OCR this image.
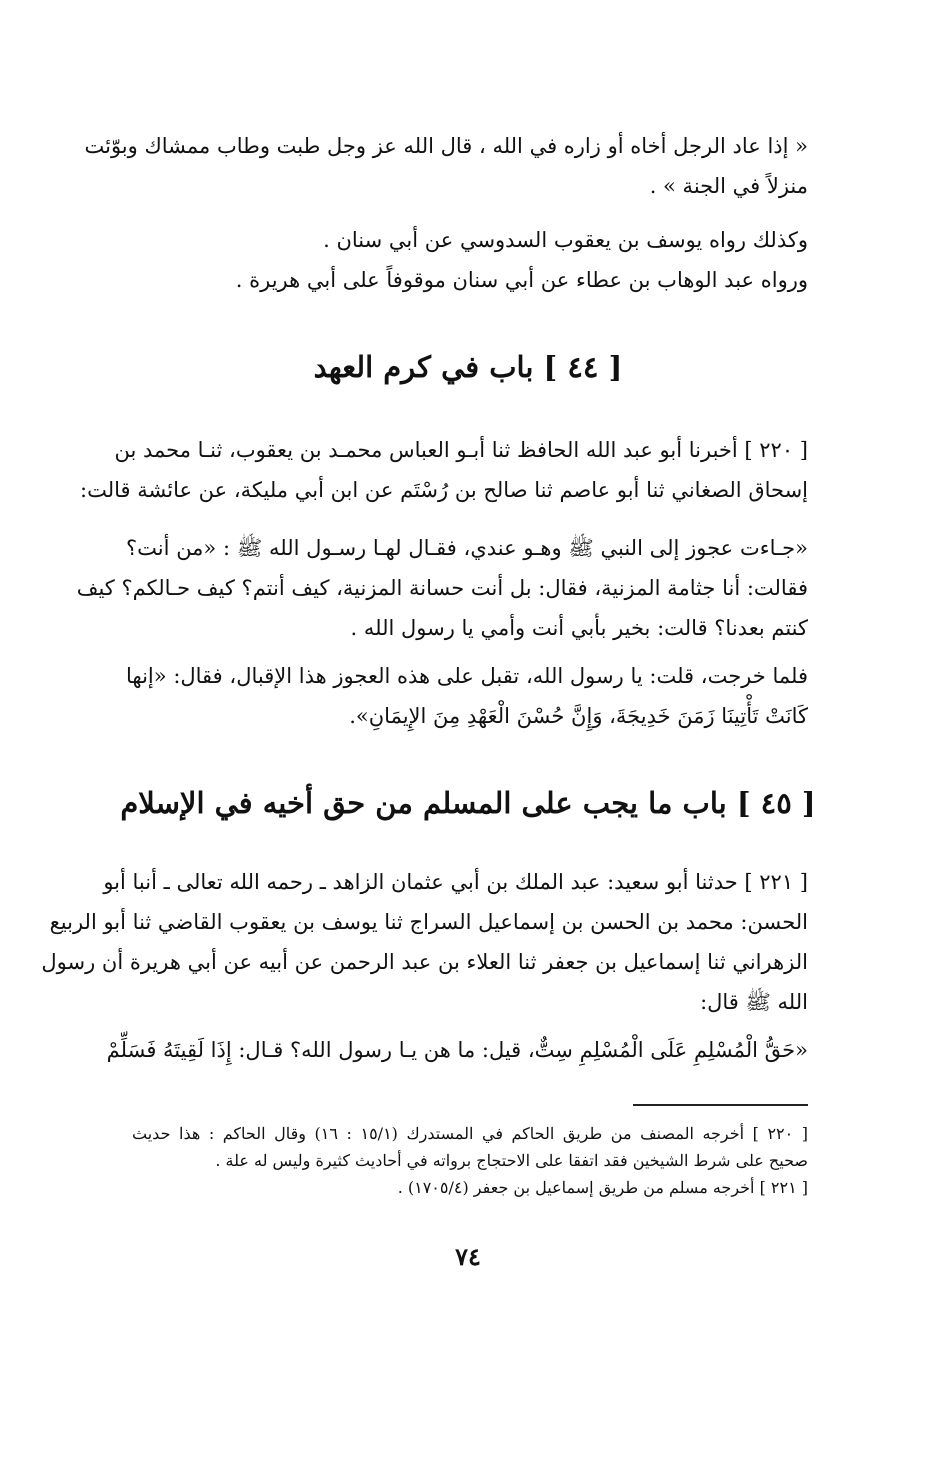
« إذا عاد الرجل أخاه أو زاره في الله ، قال الله عز وجل طبت وطاب ممشاك وبوّئت
منزلاً في الجنة » .
وكذلك رواه يوسف بن يعقوب السدوسي عن أبي سنان .
ورواه عبد الوهاب بن عطاء عن أبي سنان موقوفاً على أبي هريرة .
[ ٤٤ ] باب في كرم العهد
[ ٢٢٠ ] أخبرنا أبو عبد الله الحافظ ثنا أبـو العباس محمـد بن يعقوب، ثنـا محمد بن
إسحاق الصغاني ثنا أبو عاصم ثنا صالح بن رُسْتَم عن ابن أبي مليكة، عن عائشة قالت:
«جـاءت عجوز إلى النبي ﷺ وهـو عندي، فقـال لهـا رسـول الله ﷺ : «من أنت؟
فقالت: أنا جثامة المزنية، فقال: بل أنت حسانة المزنية، كيف أنتم؟ كيف حـالكم؟ كيف
كنتم بعدنا؟ قالت: بخير بأبي أنت وأمي يا رسول الله .
فلما خرجت، قلت: يا رسول الله، تقبل على هذه العجوز هذا الإقبال، فقال: «إنها
كَانَتْ تَأْتِينَا زَمَنَ خَدِيجَةَ، وَإِنَّ حُسْنَ الْعَهْدِ مِنَ الإِيمَانِ».
[ ٤٥ ] باب ما يجب على المسلم من حق أخيه في الإسلام
[ ٢٢١ ] حدثنا أبو سعيد: عبد الملك بن أبي عثمان الزاهد ـ رحمه الله تعالى ـ أنبا أبو
الحسن: محمد بن الحسن بن إسماعيل السراج ثنا يوسف بن يعقوب القاضي ثنا أبو الربيع
الزهراني ثنا إسماعيل بن جعفر ثنا العلاء بن عبد الرحمن عن أبيه عن أبي هريرة أن رسول
الله ﷺ قال:
«حَقُّ الْمُسْلِمِ عَلَى الْمُسْلِمِ سِتٌّ، قيل: ما هن يـا رسول الله؟ قـال: إِذَا لَقِيتَهُ فَسَلِّمْ
[ ٢٢٠ ] أخرجه المصنف من طريق الحاكم في المستدرك (١٥/١ : ١٦) وقال الحاكم : هذا حديث
صحيح على شرط الشيخين فقد اتفقا على الاحتجاج برواته في أحاديث كثيرة وليس له علة .
[ ٢٢١ ] أخرجه مسلم من طريق إسماعيل بن جعفر (١٧٠٥/٤) .
٧٤
